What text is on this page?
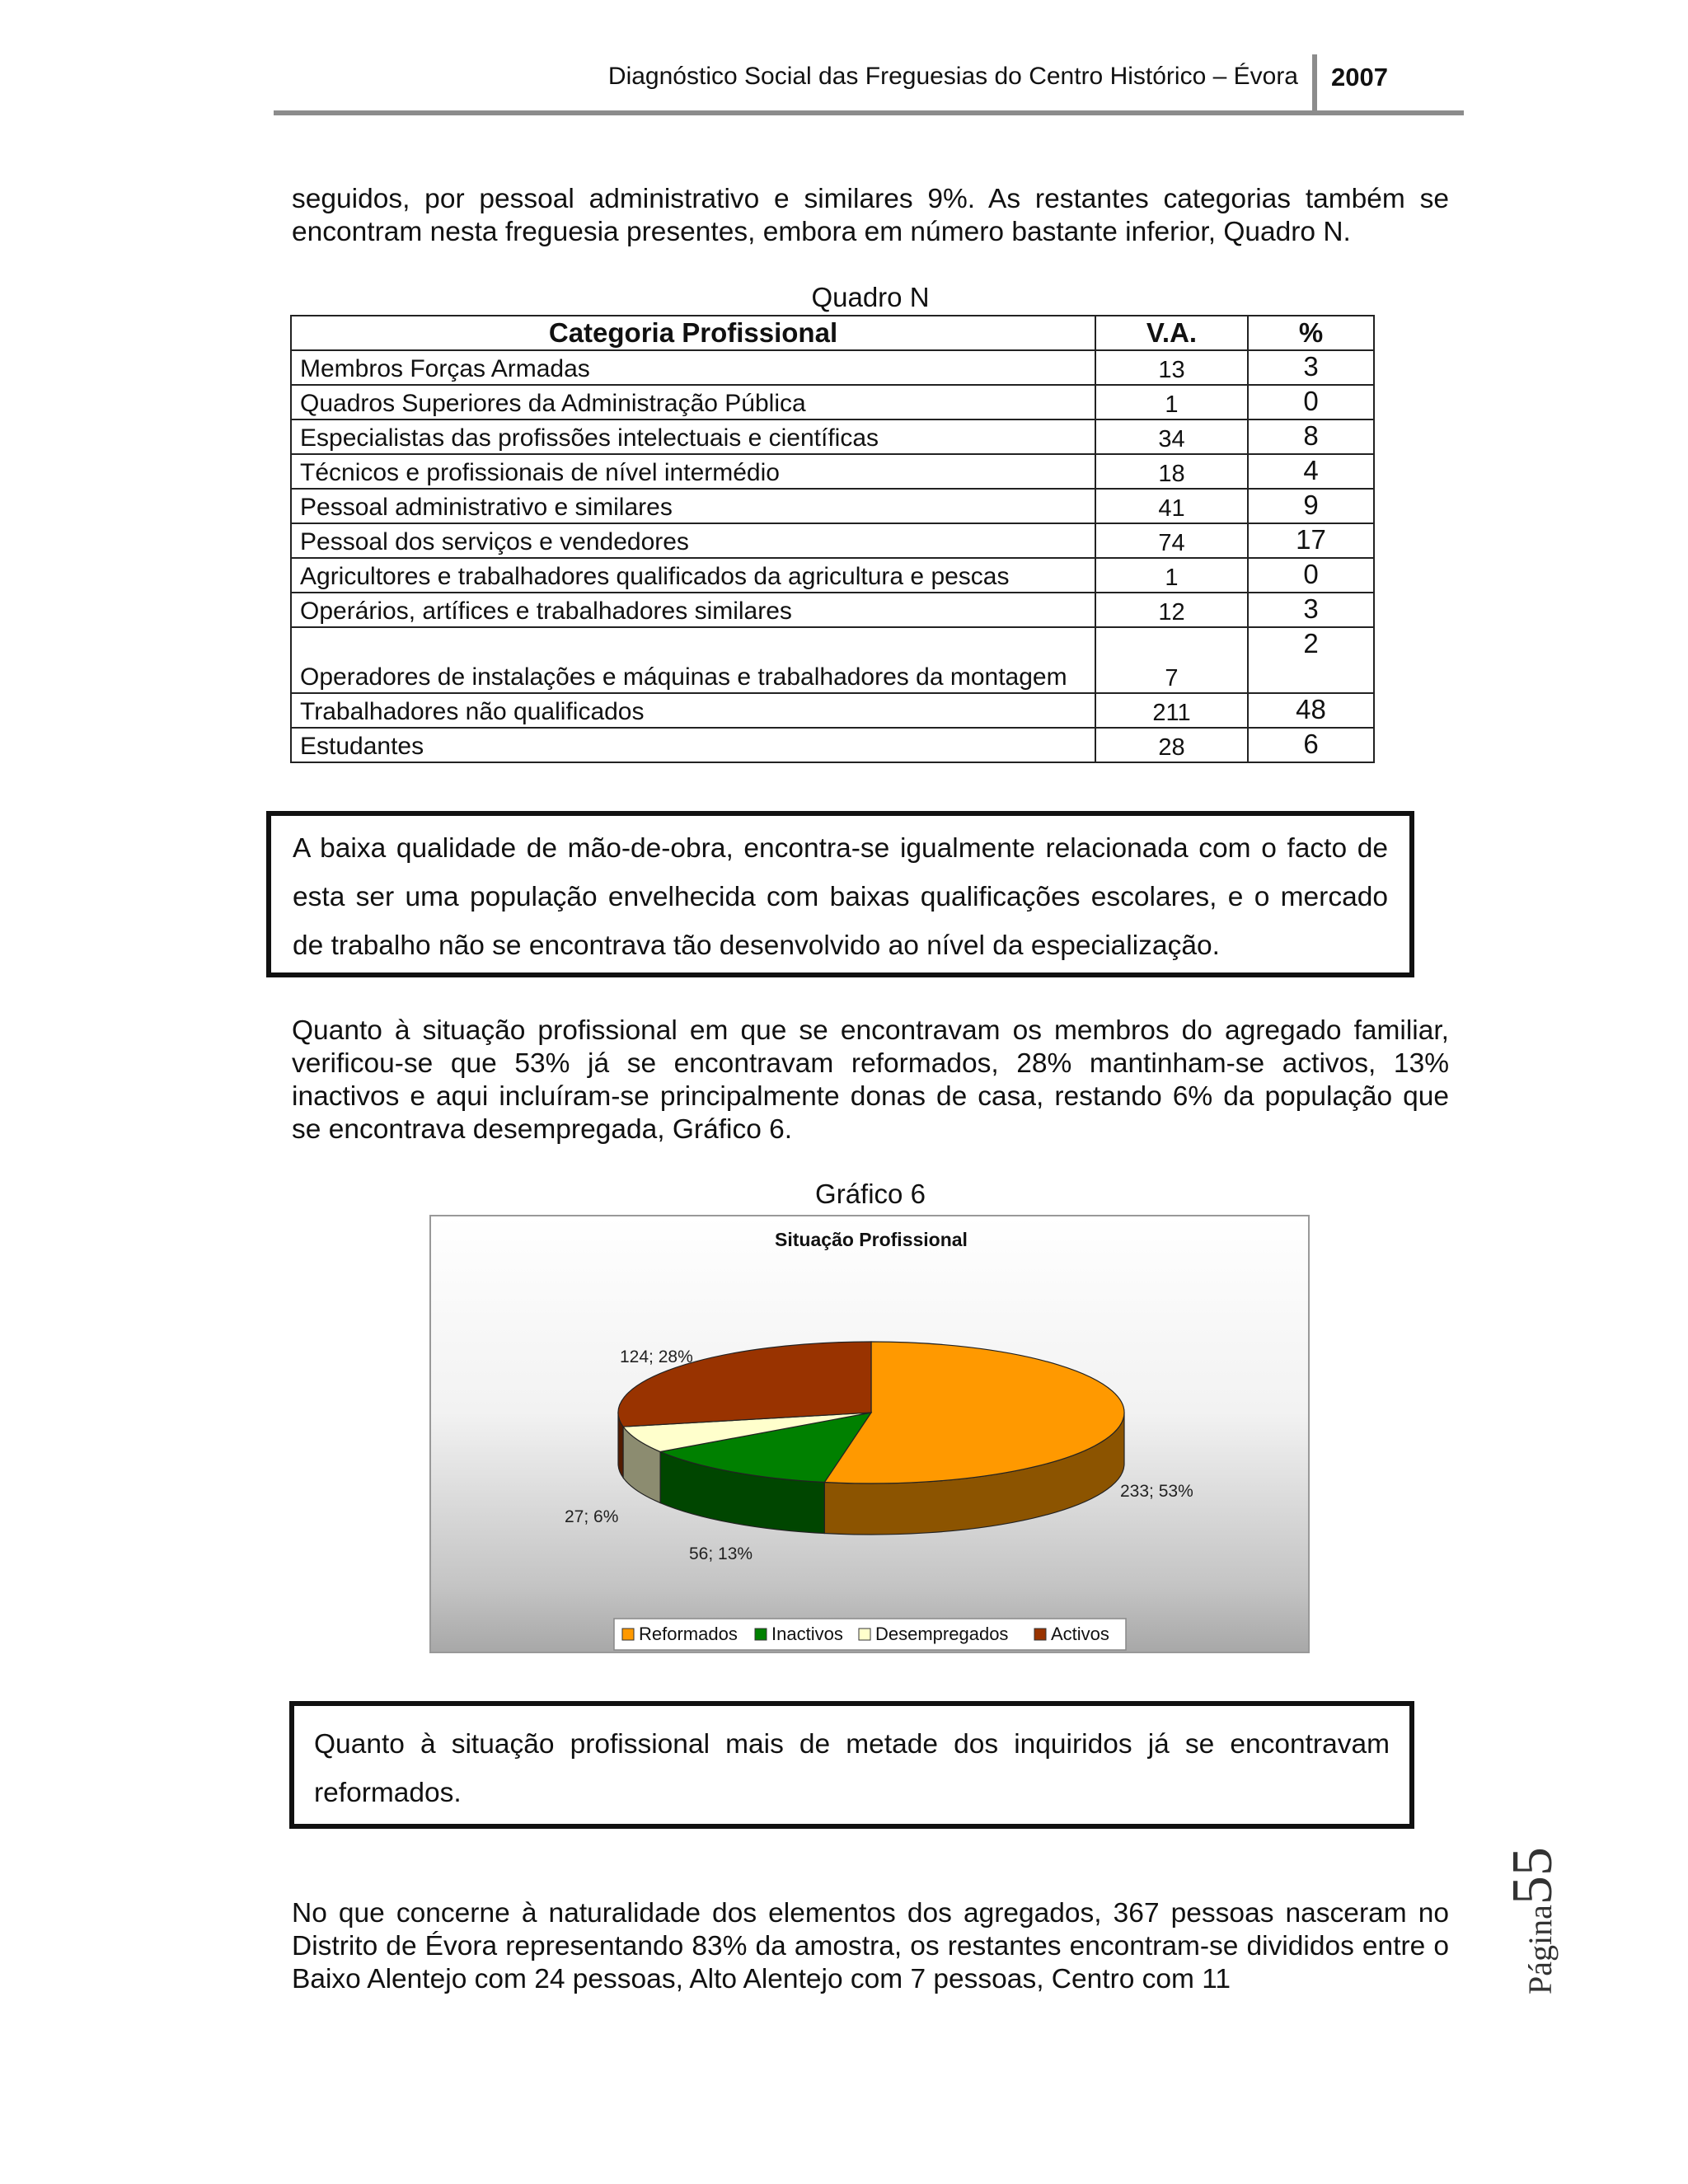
Diagnóstico Social das Freguesias do Centro Histórico – Évora 2007
seguidos, por pessoal administrativo e similares 9%. As restantes categorias também se encontram nesta freguesia presentes, embora em número bastante inferior, Quadro N.
Quadro N
Categoria Profissional	V.A.	%
Membros Forças Armadas	13	3
Quadros Superiores da Administração Pública	1	0
Especialistas das profissões intelectuais e científicas	34	8
Técnicos e profissionais de nível intermédio	18	4
Pessoal administrativo e similares	41	9
Pessoal dos serviços e vendedores	74	17
Agricultores e trabalhadores qualificados da agricultura e pescas	1	0
Operários, artífices e trabalhadores similares	12	3
Operadores de instalações e máquinas e trabalhadores da montagem	7	2
Trabalhadores não qualificados	211	48
Estudantes	28	6
A baixa qualidade de mão-de-obra, encontra-se igualmente relacionada com o facto de esta ser uma população envelhecida com baixas qualificações escolares, e o mercado de trabalho não se encontrava tão desenvolvido ao nível da especialização.
Quanto à situação profissional em que se encontravam os membros do agregado familiar, verificou-se que 53% já se encontravam reformados, 28% mantinham-se activos, 13% inactivos e aqui incluíram-se principalmente donas de casa, restando 6% da população que se encontrava desempregada, Gráfico 6.
Gráfico 6
Situação Profissional
233; 53%
56; 13%
27; 6%
124; 28%
Reformados Inactivos Desempregados Activos
Quanto à situação profissional mais de metade dos inquiridos já se encontravam reformados.
No que concerne à naturalidade dos elementos dos agregados, 367 pessoas nasceram no Distrito de Évora representando 83% da amostra, os restantes encontram-se divididos entre o Baixo Alentejo com 24 pessoas, Alto Alentejo com 7 pessoas, Centro com 11	Página55
